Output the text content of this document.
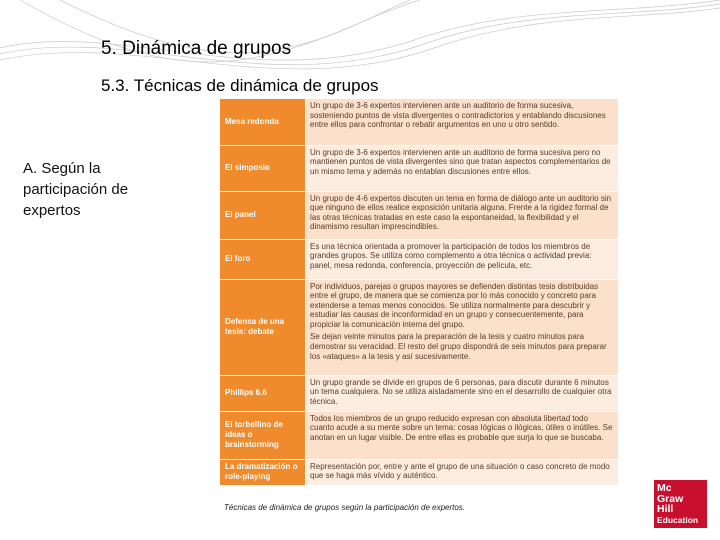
5. Dinámica de grupos
5.3. Técnicas de dinámica de grupos
A. Según la participación de expertos
Mesa redonda	Un grupo de 3-6 expertos intervienen ante un auditorio de forma sucesiva, sosteniendo puntos de vista divergentes o contradictorios y entablando discusiones entre ellos para confrontar o rebatir argumentos en uno u otro sentido.

El simposio	Un grupo de 3-6 expertos intervienen ante un auditorio de forma sucesiva pero no mantienen puntos de vista divergentes sino que tratan aspectos complementarios de un mismo tema y además no entablan discusiones entre ellos.

El panel	Un grupo de 4-6 expertos discuten un tema en forma de diálogo ante un auditorio sin que ninguno de ellos realice exposición unitaria alguna. Frente a la rigidez formal de las otras técnicas tratadas en este caso la espontaneidad, la flexibilidad y el dinamismo resultan imprescindibles.

El foro	Es una técnica orientada a promover la participación de todos los miembros de grandes grupos. Se utiliza como complemento a otra técnica o actividad previa: panel, mesa redonda, conferencia, proyección de película, etc.

Defensa de una tesis: debate	Por individuos, parejas o grupos mayores se defienden distintas tesis distribuidas entre el grupo, de manera que se comienza por lo más conocido y concreto para extenderse a temas menos conocidos. Se utiliza normalmente para descubrir y estudiar las causas de inconformidad en un grupo y consecuentemente, para propiciar la comunicación interna del grupo.

Se dejan veinte minutos para la preparación de la tesis y cuatro minutos para demostrar su veracidad. El resto del grupo dispondrá de seis minutos para preparar los «ataques» a la tesis y así sucesivamente.

Phillips 6.6	Un grupo grande se divide en grupos de 6 personas, para discutir durante 6 minutos un tema cualquiera. No se utiliza aisladamente sino en el desarrollo de cualquier otra técnica.

El torbellino de ideas o brainstorming	Todos los miembros de un grupo reducido expresan con absoluta libertad todo cuanto acude a su mente sobre un tema: cosas lógicas o ilógicas, útiles o inútiles. Se anotan en un lugar visible. De entre ellas es probable que surja lo que se buscaba.

La dramatización o role-playing	Representación por, entre y ante el grupo de una situación o caso concreto de modo que se haga más vívido y auténtico.

Técnicas de dinámica de grupos según la participación de expertos.
Mc
Graw
Hill
Education
